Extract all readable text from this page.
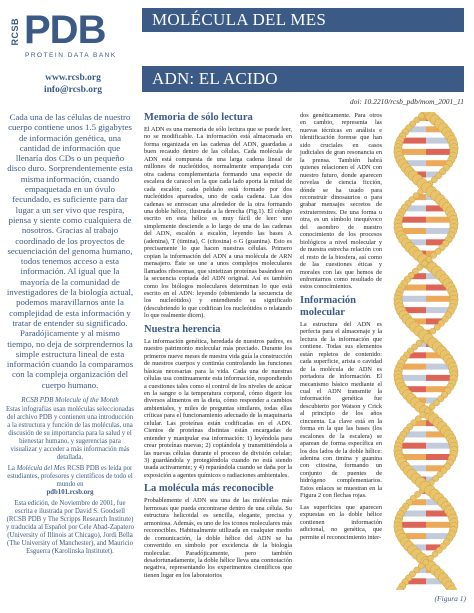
RCSB PDB
PROTEIN DATA BANK
www.rcsb.org
info@rcsb.org
MOLÉCULA DEL MES
ADN: EL ACIDO DESOXIRRIBONUCLEICO
doi: 10.2210/rcsb_pdb/mom_2001_11

Cada una de las células de nuestro cuerpo contiene unos 1.5 gigabytes de información genética, una cantidad de información que llenaría dos CDs o un pequeño disco duro. Sorprendentemente esta misma información, cuando empaquetada en un óvulo fecundado, es suficiente para dar lugar a un ser vivo que respira, piensa y siente como cualquiera de nosotros. Gracias al trabajo coordinado de los proyectos de secuenciación del genoma humano, todos tenemos acceso a esta información. Al igual que la mayoría de la comunidad de investigadores de la biología actual, podemos maravillarnos ante la complejidad de esta información y tratar de entender su significado. Paradójicamente y al mismo tiempo, no deja de sorprendernos la simple estructura lineal de esta información cuando la comparamos con la compleja organización del cuerpo humano.

RCSB PDB Molecule of the Month

Estas infografías usan moléculas seleccionadas del archivo PDB y contienen una introducción a la estructura y función de las moléculas, una discusión de su importancia para la salud y el bienestar humano, y sugerencias para visualizar y acceder a más información más detallada.

La Molécula del Mes RCSB PDB es leída por estudiantes, profesores y científicos de todo el mundo en
pdb101.rcsb.org

Esta edición, de Noviembre de 2001, fue escrita e ilustrada por David S. Goodsell (RCSB PDB y The Scripps Research Institute) y traducida al Español por Cele Abad-Zapatero (University of Illinois at Chicago), Jordi Bella (The University of Manchester), and Mauricio Esguerra (Karolinska Institutet).

Memoria de sólo lectura

El ADN es una memoria de sólo lectura que se puede leer, no se modificable. La información está almacenada en forma organizada en las cadenas del ADN, guardadas a buen recaudo dentro de las células. Cada molécula de ADN está compuesta de una larga cadena lineal de millones de nucleótidos, normalmente emparejada con otra cadena complementaria formando una especie de escalera de caracol en la que cada lado aporta la mitad de cada escalón; cada peldaño está formado por dos nucleótidos apareados, uno de cada cadena. Las dos cadenas se enroscan una alrededor de la otra formando una doble hélice, ilustrada a la derecha (Fig.1). El código escrito en esta hélice es muy fácil de leer: uno simplemente desciende a lo largo de una de las cadenas del ADN, escalón a escalón, leyendo las bases A (adenina), T (timina), C (citosina) o G (guanina). Esto es precisamente lo que hacen nuestras células. Primero copian la información del ADN a una molécula de ARN mensajero. Éste se une a unos complejos moleculares llamados ribosomas, que sintetizan proteínas basándose en la secuencia copiada del ADN original. Así es también como los biólogos moleculares determinan lo que está escrito en el ADN: leyendo (obteniendo la secuencia de los nucleótidos) y entendiendo su significado (descubriendo lo que codifican los nucleótidos o relatando lo que realmente dicen).

Nuestra herencia

La información genética, heredada de nuestros padres, es nuestro patrimonio molecular más preciado. Durante los primeros nueve meses de nuestra vida guía la construcción de nuestros cuerpos y continúa controlando las funciones básicas necesarias para la vida. Cada una de nuestras células usa continuamente esta información, respondiendo a cuestiones tales como el control de los niveles de azúcar en la sangre o la temperatura corporal, cómo digerir los diversos alimentos en la dieta, cómo responder a cambios ambientales, y miles de preguntas similares, todas ellas críticas para el funcionamiento adecuado de la maquinaria celular. Las proteínas están codificadas en el ADN. Cientos de proteínas distintas están encargadas de entender y manipular esa información: 1) leyéndola para crear proteínas nuevas; 2) copiándola y transmitiéndola a las nuevas células durante el proceso de división celular; 3) guardándola y protegiéndola cuando no está siendo usada activamente; y 4) reparándola cuando se daña por la exposición a agentes químicos o radiaciones ambientales.

La molécula más reconocible

Probablemente el ADN sea una de las moléculas más hermosas que pueda encontrarse dentro de una célula. Su estructura helicoidal es sencilla, elegante, precisa y armoniosa. Además, es uno de los iconos moleculares más reconocibles. Habitualmente utilizada en cualquier medio de comunicación, la doble hélice del ADN se ha convertido en símbolo por excelencia de la biología molecular. Paradójicamente, pero también desafortunadamente, la doble hélice lleva una connotación negativa, representando los experimentos científicos que tienen lugar en los laboratorios

dos genéticamente. Para otros en cambio, representa las nuevas técnicas en análisis e identificación forense que han sido cruciales en casos judiciales de gran resonancia en la prensa. También habrá quienes relacionen el ADN con nuestro futuro, donde aparecen novelas de ciencia ficción, dónde se ha usado para reconstruir dinosaurios o para grabar mensajes secretos de extraterrestres. De una forma u otra, es un símbolo inequívoco del asombro de nuestro conocimiento de los procesos biológicos a nivel molecular y de nuestra estrecha relación con el resto de la biosfera, así como de las cuestiones éticas y morales con las que hemos de enfrentarnos como resultado de estos conocimientos.

Información molecular

La estructura del ADN es perfecta para el almacenaje y la lectura de la información que contiene. Todas sus elementos están repletos de contenido: cada superficie, arista o cavidad de la molécula de ADN es portadora de información. El mecanismo básico mediante el cual el ADN transmite la información genética fue descubierto por Watson y Crick al principio de los años cincuenta. La clave está en la forma en la que las bases (los escalones de la escalera) se aparean de forma específica en los dos lados de la doble hélice: adenina con timina y guanina con citosina, formando un conjunto de puentes de hidrógeno complementarios. Estos enlaces se muestran en la Figura 2 con flechas rojas.

Las superficies que aparecen expuestas en la doble hélice contienen información adicional, no genética, que permite el reconocimiento inter-

(Figura 1)
